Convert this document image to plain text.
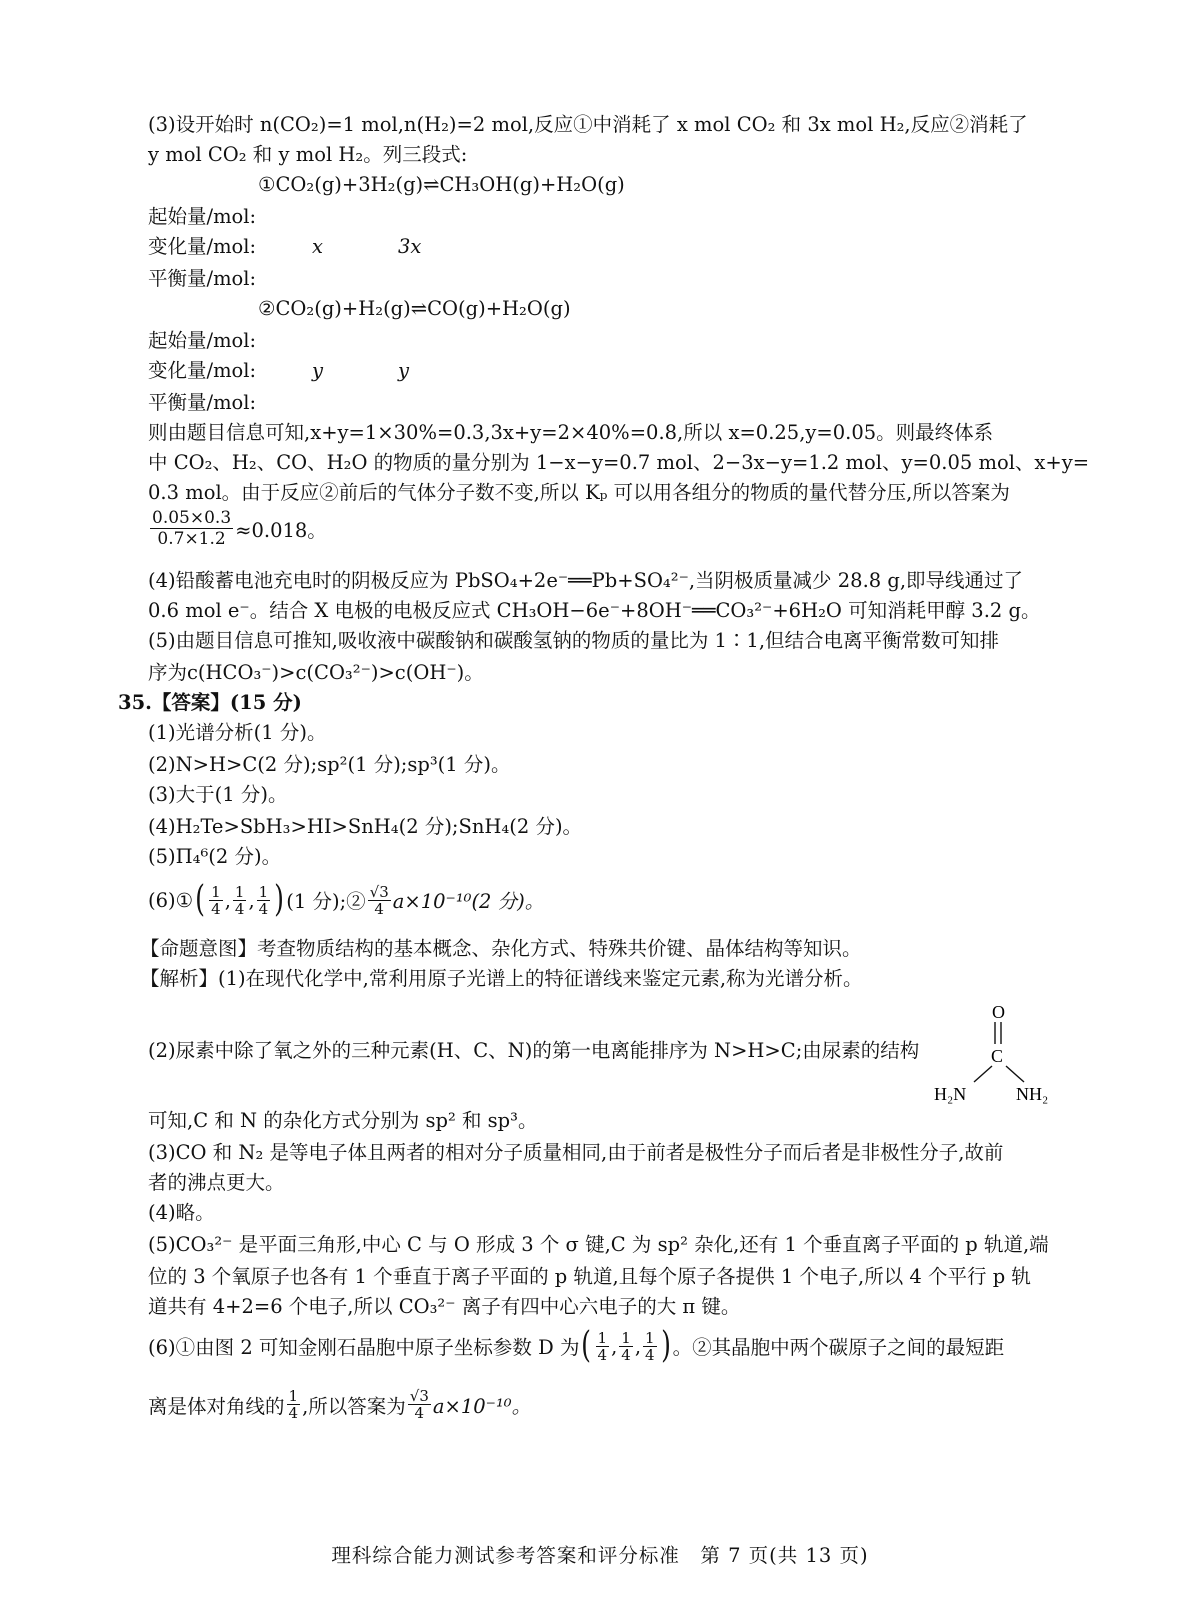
(3)设开始时 n(CO₂)=1 mol,n(H₂)=2 mol,反应①中消耗了 x mol CO₂ 和 3x mol H₂,反应②消耗了
y mol CO₂ 和 y mol H₂。列三段式:
①CO₂(g)+3H₂(g)⇌CH₃OH(g)+H₂O(g)
起始量/mol:
变化量/mol:	x	3x
平衡量/mol:
②CO₂(g)+H₂(g)⇌CO(g)+H₂O(g)
起始量/mol:
变化量/mol:	y	y
平衡量/mol:
则由题目信息可知,x+y=1×30%=0.3,3x+y=2×40%=0.8,所以 x=0.25,y=0.05。则最终体系
中 CO₂、H₂、CO、H₂O 的物质的量分别为 1−x−y=0.7 mol、2−3x−y=1.2 mol、y=0.05 mol、x+y=
0.3 mol。由于反应②前后的气体分子数不变,所以 Kₚ 可以用各组分的物质的量代替分压,所以答案为
$\frac{0.05\times 0.3}{0.7\times 1.2} \approx 0.018$。
(4)铅酸蓄电池充电时的阴极反应为 PbSO₄+2e⁻══Pb+SO₄²⁻,当阴极质量减少 28.8 g,即导线通过了
0.6 mol e⁻。结合 X 电极的电极反应式 CH₃OH−6e⁻+8OH⁻══CO₃²⁻+6H₂O 可知消耗甲醇 3.2 g。
(5)由题目信息可推知,吸收液中碳酸钠和碳酸氢钠的物质的量比为 1∶1,但结合电离平衡常数可知排
序为c(HCO₃⁻)>c(CO₃²⁻)>c(OH⁻)。
35.【答案】(15 分)
(1)光谱分析(1 分)。
(2)N>H>C(2 分);sp²(1 分);sp³(1 分)。
(3)大于(1 分)。
(4)H₂Te>SbH₃>HI>SnH₄(2 分);SnH₄(2 分)。
(5)Π₄⁶(2 分)。
(6)① ( $\frac{1}{4}$ , $\frac{1}{4}$ , $\frac{1}{4}$ ) (1 分);② $\frac{√3}{4} a\times 10^{-10}(2$ 分)。
【命题意图】考查物质结构的基本概念、杂化方式、特殊共价键、晶体结构等知识。
【解析】(1)在现代化学中,常利用原子光谱上的特征谱线来鉴定元素,称为光谱分析。
(2)尿素中除了氧之外的三种元素(H、C、N)的第一电离能排序为 N>H>C;由尿素的结构
O
C
H₂N	NH₂
可知,C 和 N 的杂化方式分别为 sp² 和 sp³。
(3)CO 和 N₂ 是等电子体且两者的相对分子质量相同,由于前者是极性分子而后者是非极性分子,故前
者的沸点更大。
(4)略。
(5)CO₃²⁻ 是平面三角形,中心 C 与 O 形成 3 个 σ 键,C 为 sp² 杂化,还有 1 个垂直离子平面的 p 轨道,端
位的 3 个氧原子也各有 1 个垂直于离子平面的 p 轨道,且每个原子各提供 1 个电子,所以 4 个平行 p 轨
道共有 4+2=6 个电子,所以 CO₃²⁻ 离子有四中心六电子的大 π 键。
(6)①由图 2 可知金刚石晶胞中原子坐标参数 D 为 ( $\frac{1}{4}$ , $\frac{1}{4}$ , $\frac{1}{4}$ ) 。②其晶胞中两个碳原子之间的最短距
离是体对角线的 $\frac{1}{4}$ ,所以答案为 $\frac{√3}{4} a\times 10^{-10}$。
理科综合能力测试参考答案和评分标准　第 7 页(共 13 页)
